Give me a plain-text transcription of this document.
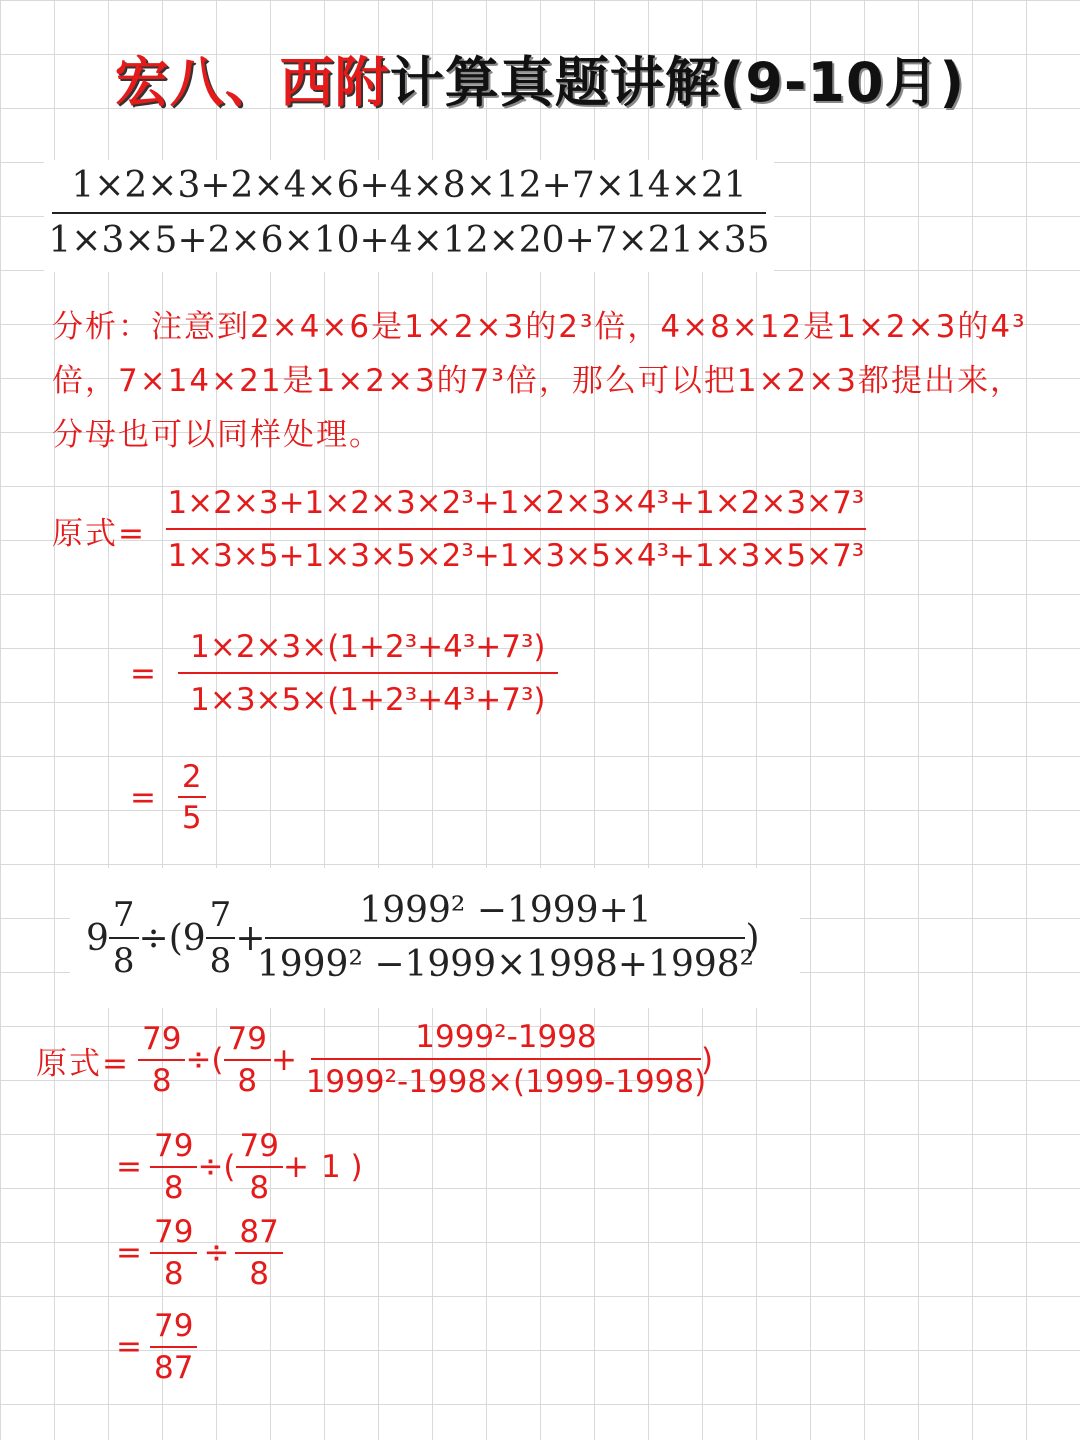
宏八、西附计算真题讲解(9-10月)
$\frac{1\times 2\times 3+2\times 4\times 6+4\times 8\times 12+7\times 14\times 21}{1\times 3\times 5+2\times 6\times 10+4\times 12\times 20+7\times 21\times 35}$
分析：注意到2×4×6是1×2×3的2³倍，4×8×12是1×2×3的4³倍，7×14×21是1×2×3的7³倍，那么可以把1×2×3都提出来，分母也可以同样处理。
原式= $\frac{\text{1×2×3+1×2×3×2³+1×2×3×4³+1×2×3×7³}}{\text{1×3×5+1×3×5×2³+1×3×5×4³+1×3×5×7³}}$
= $\frac{\text{1×2×3×(1+2³+4³+7³)}}{\text{1×3×5×(1+2³+4³+7³)}}$
= $\frac{2}{5}$
$9 \frac{7}{8} \div(9 \frac{7}{8} + \frac{\text{1999² −1999+1}}{\text{1999² −1999×1998+1998²}}$ )
原式= $\frac{79}{8}$ ÷( $\frac{79}{8} + \frac{\text{1999²-1998}}{\text{1999²-1998×(1999-1998)}}$ )
= $\frac{79}{8}$ ÷( $\frac{79}{8} + 1$ )
= $\frac{79}{8} \div \frac{87}{8}$
= $\frac{79}{87}$
